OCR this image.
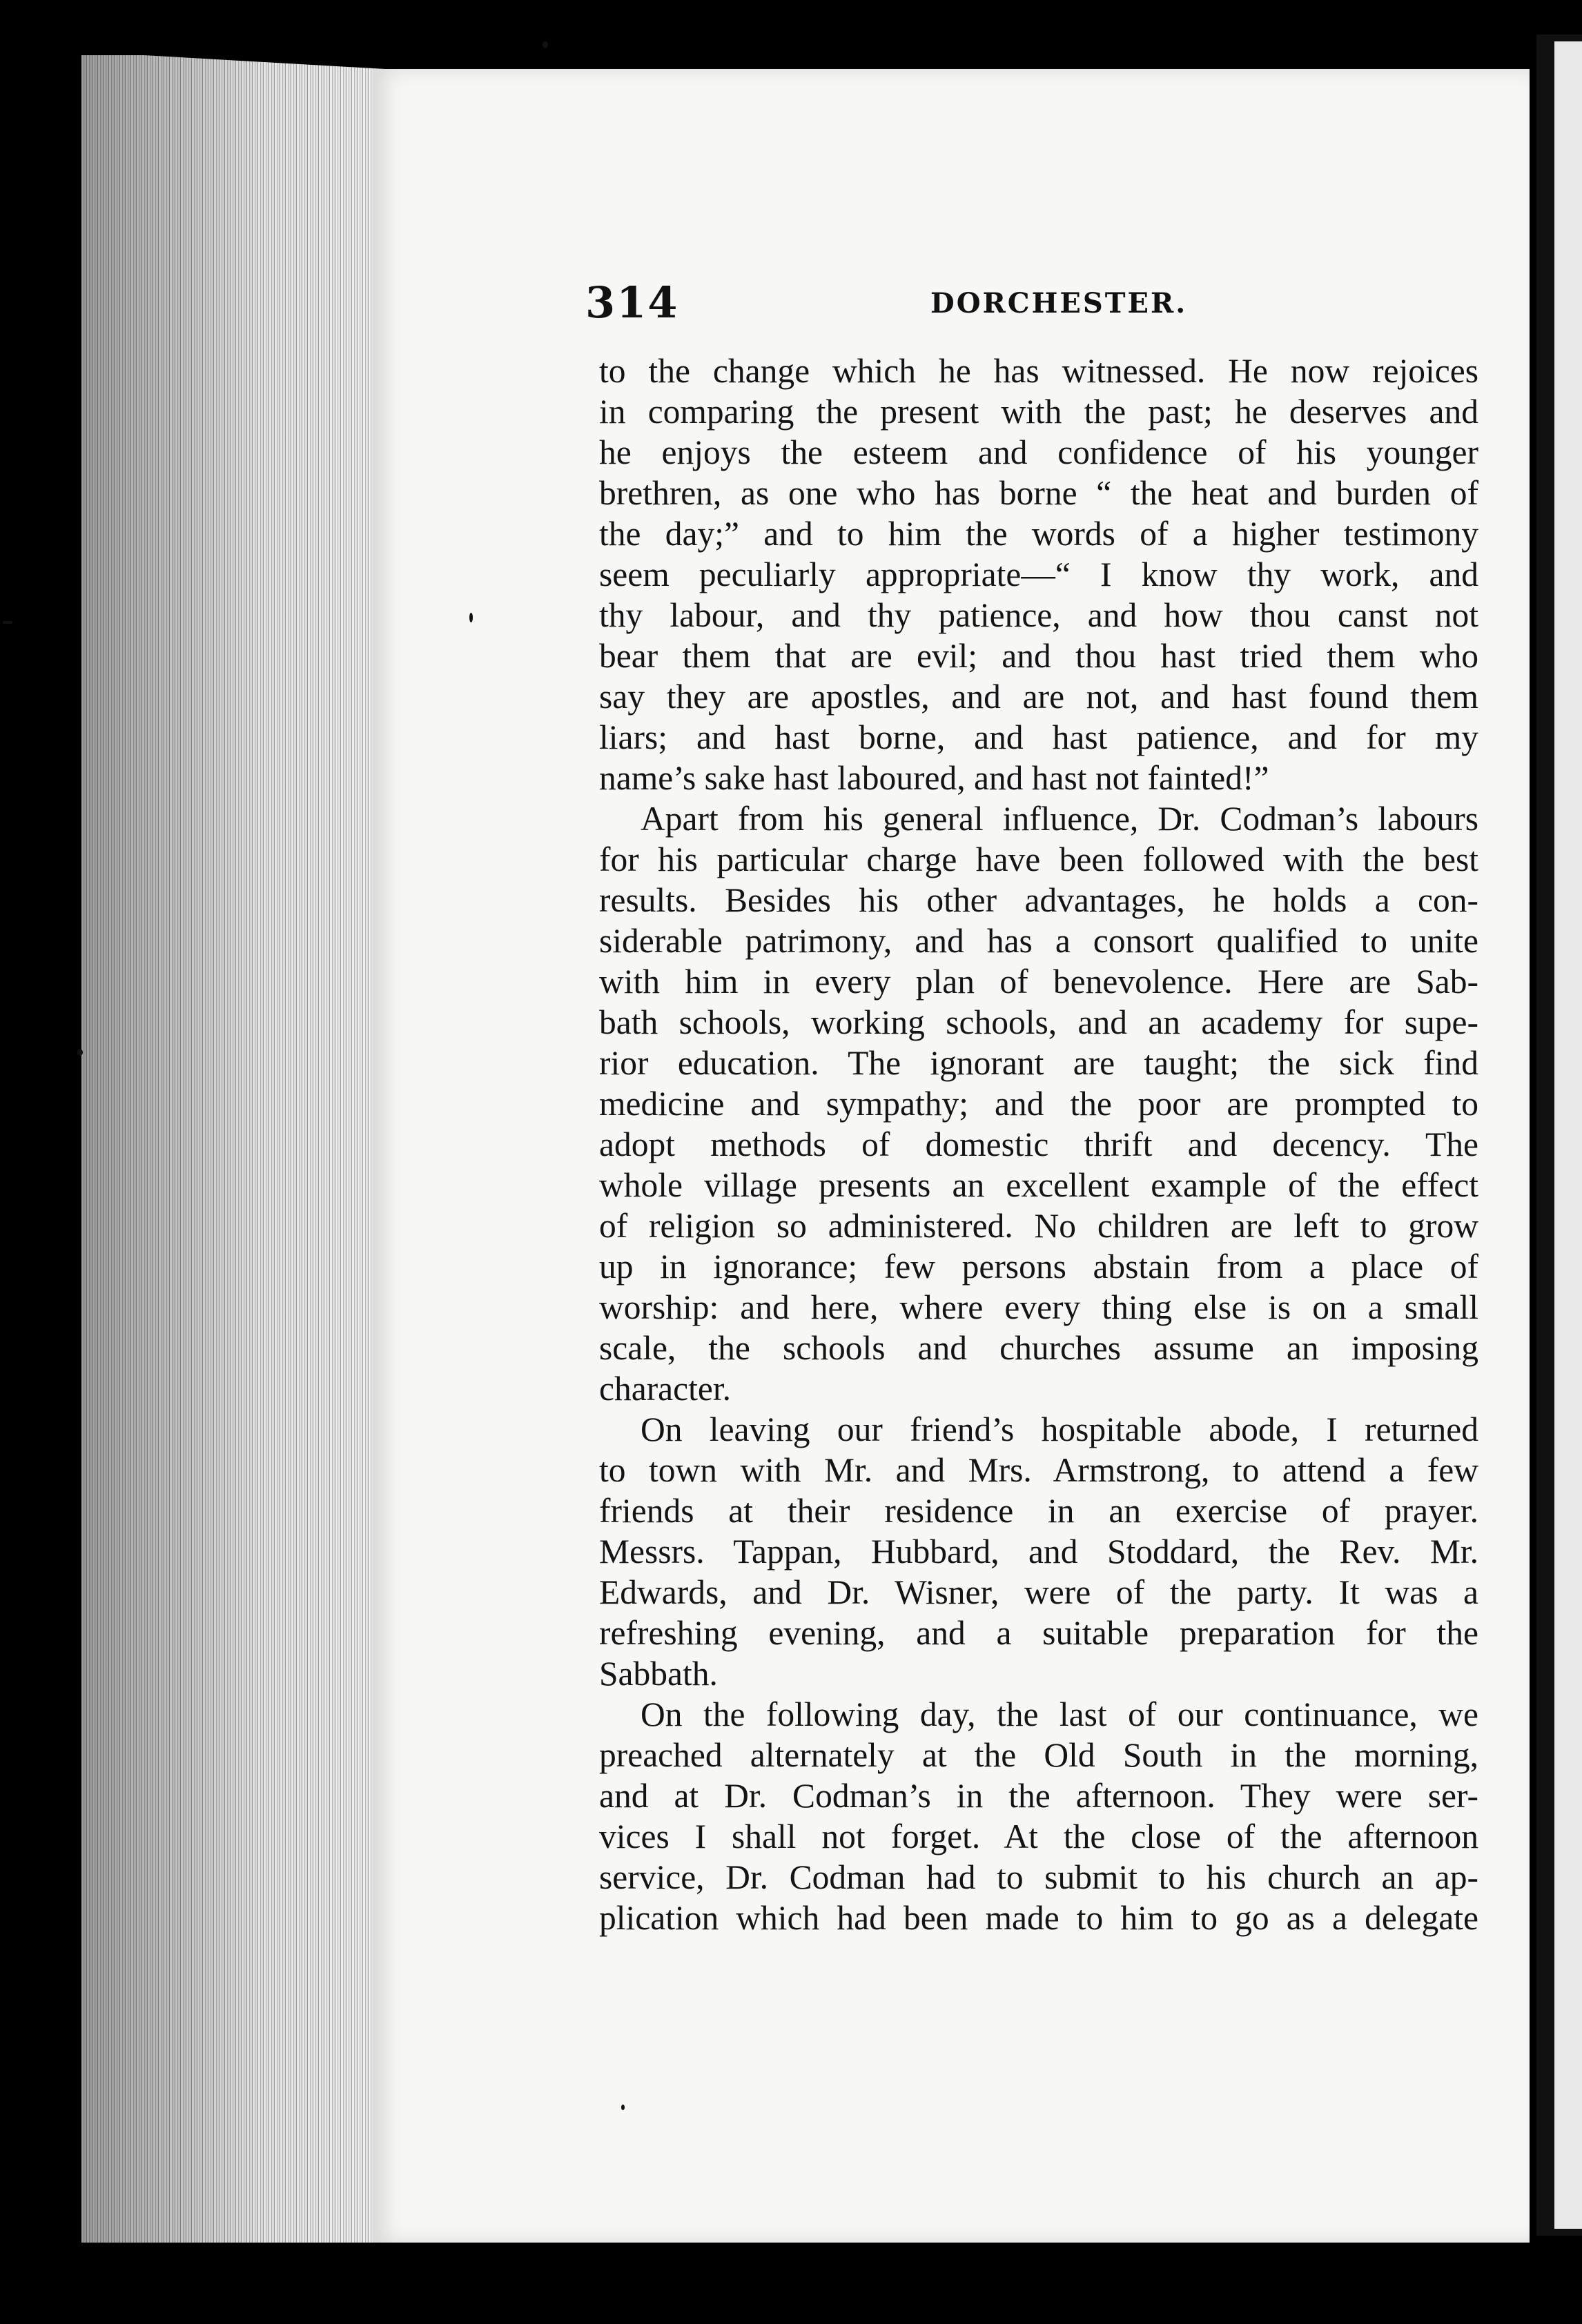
314	DORCHESTER.
to the change which he has witnessed. He now rejoices
in comparing the present with the past; he deserves and
he enjoys the esteem and confidence of his younger
brethren, as one who has borne “ the heat and burden of
the day;” and to him the words of a higher testimony
seem peculiarly appropriate—“ I know thy work, and
thy labour, and thy patience, and how thou canst not
bear them that are evil; and thou hast tried them who
say they are apostles, and are not, and hast found them
liars; and hast borne, and hast patience, and for my
name’s sake hast laboured, and hast not fainted!”
Apart from his general influence, Dr. Codman’s labours
for his particular charge have been followed with the best
results. Besides his other advantages, he holds a con-
siderable patrimony, and has a consort qualified to unite
with him in every plan of benevolence. Here are Sab-
bath schools, working schools, and an academy for supe-
rior education. The ignorant are taught; the sick find
medicine and sympathy; and the poor are prompted to
adopt methods of domestic thrift and decency. The
whole village presents an excellent example of the effect
of religion so administered. No children are left to grow
up in ignorance; few persons abstain from a place of
worship: and here, where every thing else is on a small
scale, the schools and churches assume an imposing
character.
On leaving our friend’s hospitable abode, I returned
to town with Mr. and Mrs. Armstrong, to attend a few
friends at their residence in an exercise of prayer.
Messrs. Tappan, Hubbard, and Stoddard, the Rev. Mr.
Edwards, and Dr. Wisner, were of the party. It was a
refreshing evening, and a suitable preparation for the
Sabbath.
On the following day, the last of our continuance, we
preached alternately at the Old South in the morning,
and at Dr. Codman’s in the afternoon. They were ser-
vices I shall not forget. At the close of the afternoon
service, Dr. Codman had to submit to his church an ap-
plication which had been made to him to go as a delegate
